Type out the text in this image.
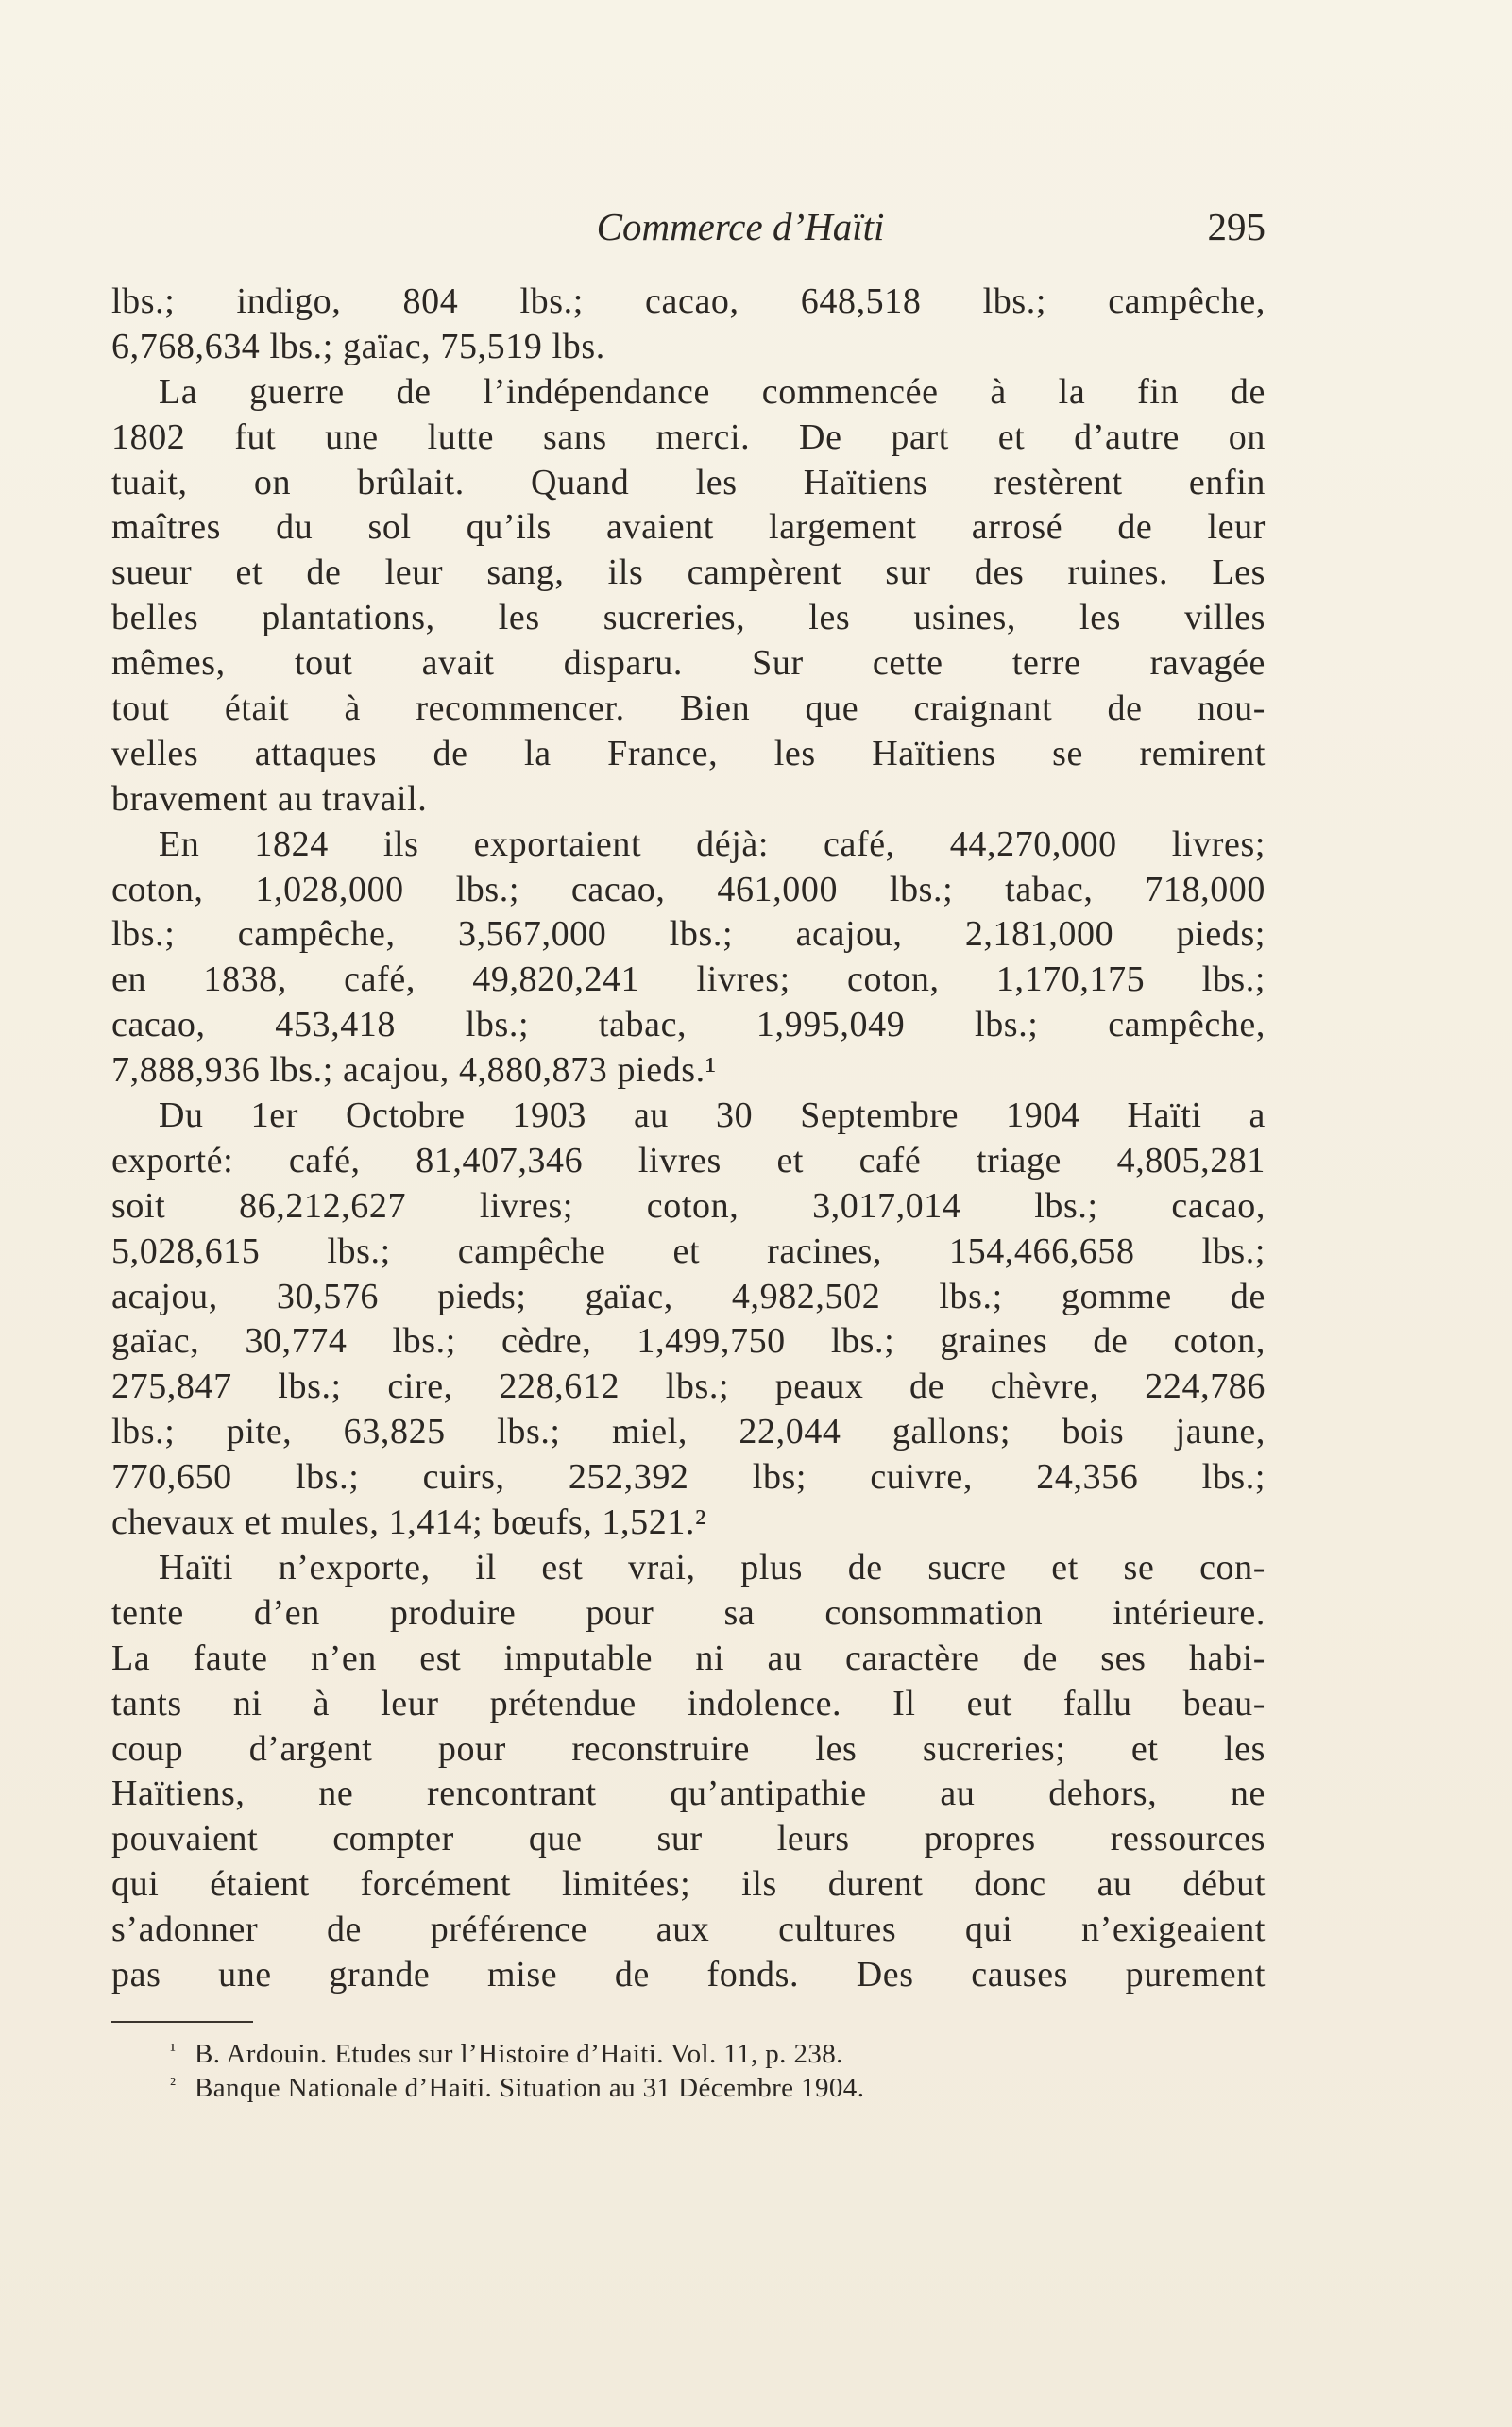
Commerce d’Haïti	295
lbs.; indigo, 804 lbs.; cacao, 648,518 lbs.; campêche,
6,768,634 lbs.; gaïac, 75,519 lbs.
La guerre de l’indépendance commencée à la fin de
1802 fut une lutte sans merci. De part et d’autre on
tuait, on brûlait. Quand les Haïtiens restèrent enfin
maîtres du sol qu’ils avaient largement arrosé de leur
sueur et de leur sang, ils campèrent sur des ruines. Les
belles plantations, les sucreries, les usines, les villes
mêmes, tout avait disparu. Sur cette terre ravagée
tout était à recommencer. Bien que craignant de nou-
velles attaques de la France, les Haïtiens se remirent
bravement au travail.
En 1824 ils exportaient déjà: café, 44,270,000 livres;
coton, 1,028,000 lbs.; cacao, 461,000 lbs.; tabac, 718,000
lbs.; campêche, 3,567,000 lbs.; acajou, 2,181,000 pieds;
en 1838, café, 49,820,241 livres; coton, 1,170,175 lbs.;
cacao, 453,418 lbs.; tabac, 1,995,049 lbs.; campêche,
7,888,936 lbs.; acajou, 4,880,873 pieds.¹
Du 1er Octobre 1903 au 30 Septembre 1904 Haïti a
exporté: café, 81,407,346 livres et café triage 4,805,281
soit 86,212,627 livres; coton, 3,017,014 lbs.; cacao,
5,028,615 lbs.; campêche et racines, 154,466,658 lbs.;
acajou, 30,576 pieds; gaïac, 4,982,502 lbs.; gomme de
gaïac, 30,774 lbs.; cèdre, 1,499,750 lbs.; graines de coton,
275,847 lbs.; cire, 228,612 lbs.; peaux de chèvre, 224,786
lbs.; pite, 63,825 lbs.; miel, 22,044 gallons; bois jaune,
770,650 lbs.; cuirs, 252,392 lbs; cuivre, 24,356 lbs.;
chevaux et mules, 1,414; bœufs, 1,521.²
Haïti n’exporte, il est vrai, plus de sucre et se con-
tente d’en produire pour sa consommation intérieure.
La faute n’en est imputable ni au caractère de ses habi-
tants ni à leur prétendue indolence. Il eut fallu beau-
coup d’argent pour reconstruire les sucreries; et les
Haïtiens, ne rencontrant qu’antipathie au dehors, ne
pouvaient compter que sur leurs propres ressources
qui étaient forcément limitées; ils durent donc au début
s’adonner de préférence aux cultures qui n’exigeaient
pas une grande mise de fonds. Des causes purement
¹ B. Ardouin. Etudes sur l’Histoire d’Haiti. Vol. 11, p. 238.
² Banque Nationale d’Haiti. Situation au 31 Décembre 1904.
